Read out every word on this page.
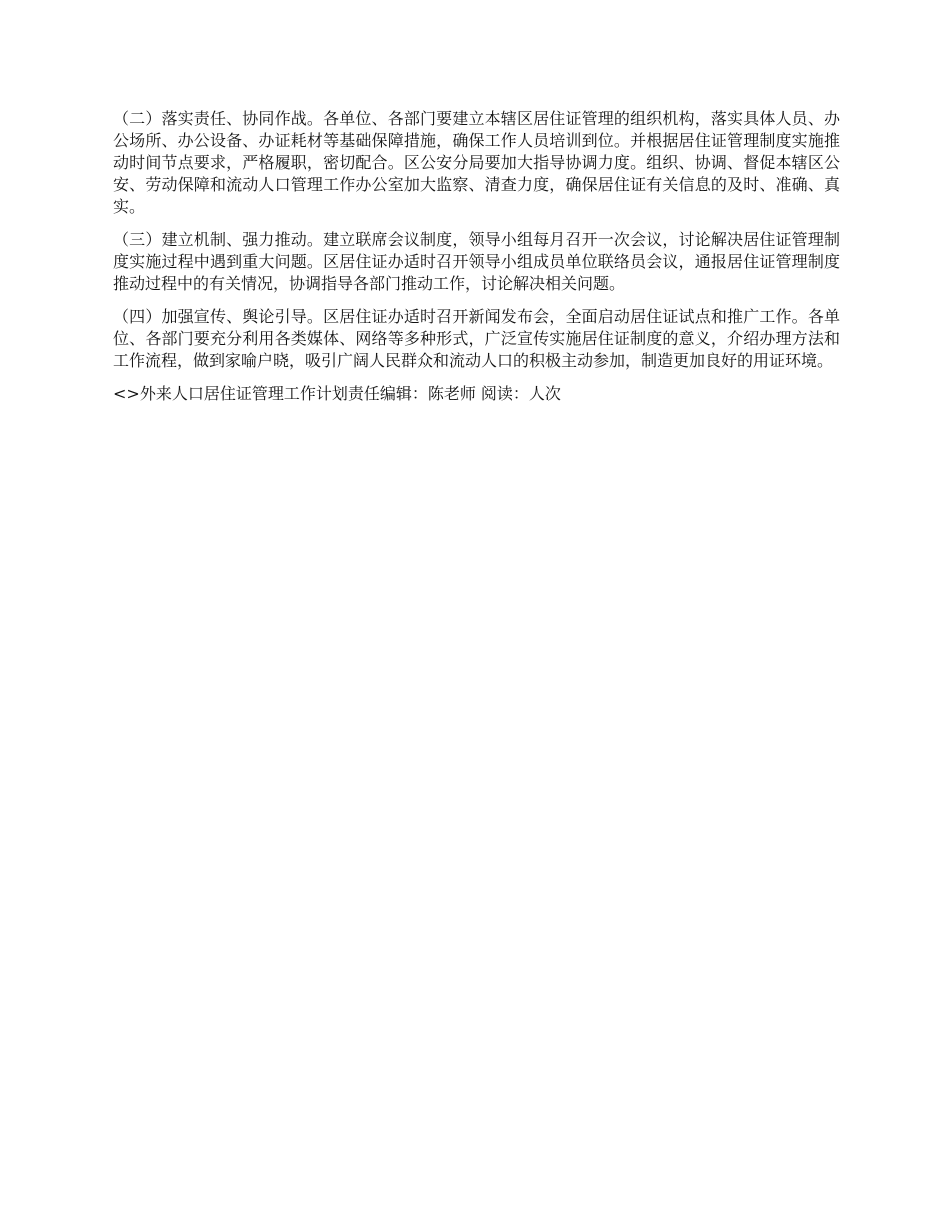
（二）落实责任、协同作战。各单位、各部门要建立本辖区居住证管理的组织机构，落实具体人员、办公场所、办公设备、办证耗材等基础保障措施，确保工作人员培训到位。并根据居住证管理制度实施推动时间节点要求，严格履职，密切配合。区公安分局要加大指导协调力度。组织、协调、督促本辖区公安、劳动保障和流动人口管理工作办公室加大监察、清查力度，确保居住证有关信息的及时、准确、真实。

（三）建立机制、强力推动。建立联席会议制度，领导小组每月召开一次会议，讨论解决居住证管理制度实施过程中遇到重大问题。区居住证办适时召开领导小组成员单位联络员会议，通报居住证管理制度推动过程中的有关情况，协调指导各部门推动工作，讨论解决相关问题。

（四）加强宣传、舆论引导。区居住证办适时召开新闻发布会，全面启动居住证试点和推广工作。各单位、各部门要充分利用各类媒体、网络等多种形式，广泛宣传实施居住证制度的意义，介绍办理方法和工作流程，做到家喻户晓，吸引广阔人民群众和流动人口的积极主动参加，制造更加良好的用证环境。

<>外来人口居住证管理工作计划责任编辑：陈老师 阅读：人次
